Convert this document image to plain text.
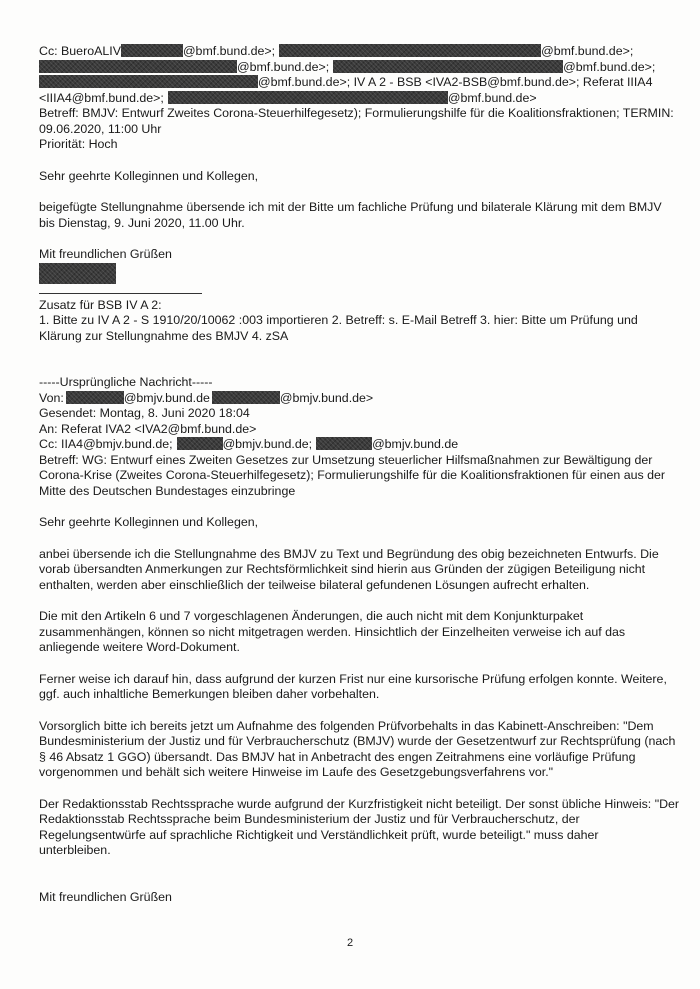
Cc: BueroALIV	@bmf.bund.de>;	@bmf.bund.de>;
@bmf.bund.de>;	@bmf.bund.de>;
@bmf.bund.de>; IV A 2 - BSB <IVA2-BSB@bmf.bund.de>; Referat IIIA4
<IIIA4@bmf.bund.de>;	@bmf.bund.de>
Betreff: BMJV: Entwurf Zweites Corona-Steuerhilfegesetz); Formulierungshilfe für die Koalitionsfraktionen; TERMIN:
09.06.2020, 11:00 Uhr
Priorität: Hoch
Sehr geehrte Kolleginnen und Kollegen,
beigefügte Stellungnahme übersende ich mit der Bitte um fachliche Prüfung und bilaterale Klärung mit dem BMJV
bis Dienstag, 9. Juni 2020, 11.00 Uhr.
Mit freundlichen Grüßen
Zusatz für BSB IV A 2:
1. Bitte zu IV A 2 - S 1910/20/10062 :003 importieren 2. Betreff: s. E-Mail Betreff 3. hier: Bitte um Prüfung und
Klärung zur Stellungnahme des BMJV 4. zSA
-----Ursprüngliche Nachricht-----
Von:	@bmjv.bund.de	@bmjv.bund.de>
Gesendet: Montag, 8. Juni 2020 18:04
An: Referat IVA2 <IVA2@bmf.bund.de>
Cc: IIA4@bmjv.bund.de;	@bmjv.bund.de;	@bmjv.bund.de
Betreff: WG: Entwurf eines Zweiten Gesetzes zur Umsetzung steuerlicher Hilfsmaßnahmen zur Bewältigung der
Corona-Krise (Zweites Corona-Steuerhilfegesetz); Formulierungshilfe für die Koalitionsfraktionen für einen aus der
Mitte des Deutschen Bundestages einzubringe
Sehr geehrte Kolleginnen und Kollegen,
anbei übersende ich die Stellungnahme des BMJV zu Text und Begründung des obig bezeichneten Entwurfs. Die
vorab übersandten Anmerkungen zur Rechtsförmlichkeit sind hierin aus Gründen der zügigen Beteiligung nicht
enthalten, werden aber einschließlich der teilweise bilateral gefundenen Lösungen aufrecht erhalten.
Die mit den Artikeln 6 und 7 vorgeschlagenen Änderungen, die auch nicht mit dem Konjunkturpaket
zusammenhängen, können so nicht mitgetragen werden. Hinsichtlich der Einzelheiten verweise ich auf das
anliegende weitere Word-Dokument.
Ferner weise ich darauf hin, dass aufgrund der kurzen Frist nur eine kursorische Prüfung erfolgen konnte. Weitere,
ggf. auch inhaltliche Bemerkungen bleiben daher vorbehalten.
Vorsorglich bitte ich bereits jetzt um Aufnahme des folgenden Prüfvorbehalts in das Kabinett-Anschreiben: "Dem
Bundesministerium der Justiz und für Verbraucherschutz (BMJV) wurde der Gesetzentwurf zur Rechtsprüfung (nach
§ 46 Absatz 1 GGO) übersandt. Das BMJV hat in Anbetracht des engen Zeitrahmens eine vorläufige Prüfung
vorgenommen und behält sich weitere Hinweise im Laufe des Gesetzgebungsverfahrens vor."
Der Redaktionsstab Rechtssprache wurde aufgrund der Kurzfristigkeit nicht beteiligt. Der sonst übliche Hinweis: "Der
Redaktionsstab Rechtssprache beim Bundesministerium der Justiz und für Verbraucherschutz, der
Regelungsentwürfe auf sprachliche Richtigkeit und Verständlichkeit prüft, wurde beteiligt." muss daher
unterbleiben.
Mit freundlichen Grüßen
2
